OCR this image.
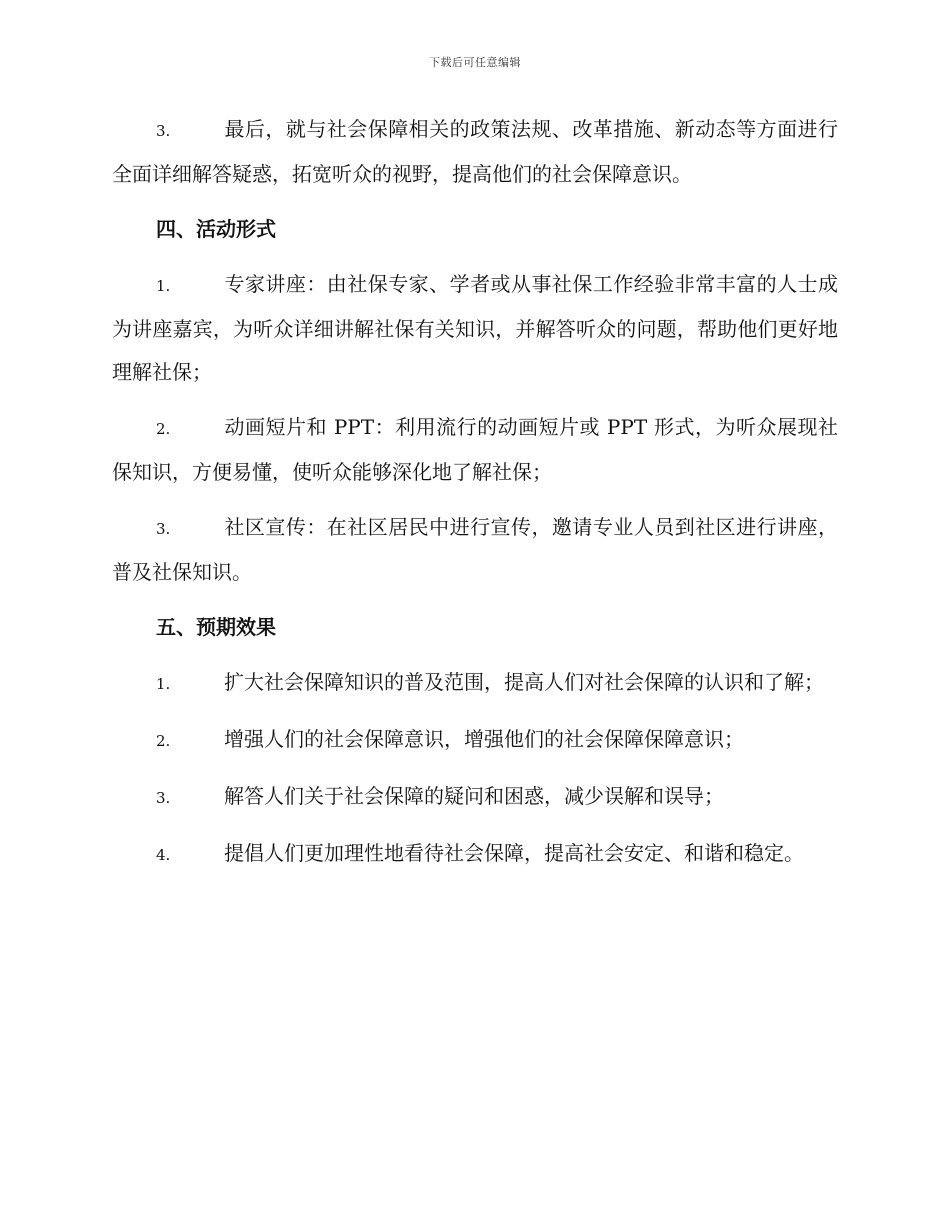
下载后可任意编辑

3.	最后，就与社会保障相关的政策法规、改革措施、新动态等方面进行全面详细解答疑惑，拓宽听众的视野，提高他们的社会保障意识。

四、活动形式

1.	专家讲座：由社保专家、学者或从事社保工作经验非常丰富的人士成为讲座嘉宾，为听众详细讲解社保有关知识，并解答听众的问题，帮助他们更好地理解社保；

2.	动画短片和 PPT：利用流行的动画短片或 PPT 形式，为听众展现社保知识，方便易懂，使听众能够深化地了解社保；

3.	社区宣传：在社区居民中进行宣传，邀请专业人员到社区进行讲座，普及社保知识。

五、预期效果

1.	扩大社会保障知识的普及范围，提高人们对社会保障的认识和了解；

2.	增强人们的社会保障意识，增强他们的社会保障保障意识；

3.	解答人们关于社会保障的疑问和困惑，减少误解和误导；

4.	提倡人们更加理性地看待社会保障，提高社会安定、和谐和稳定。
